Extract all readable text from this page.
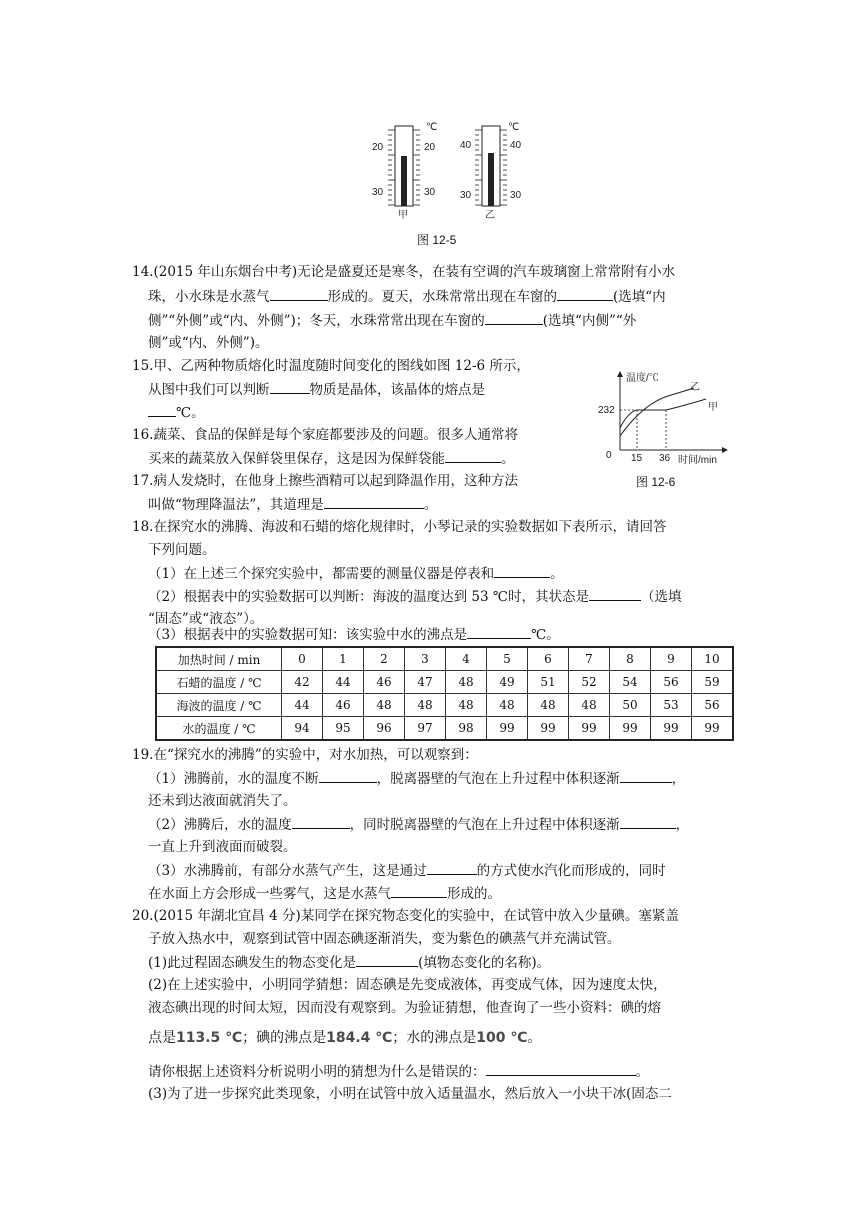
℃
20	20
30	30
甲
℃
40	40
30	30
乙
图 12-5
14.(2015 年山东烟台中考)无论是盛夏还是寒冬，在装有空调的汽车玻璃窗上常常附有小水
珠，小水珠是水蒸气	形成的。夏天，水珠常常出现在车窗的	(选填“内
侧”“外侧”或“内、外侧”)；冬天，水珠常常出现在车窗的	(选填“内侧”“外
侧”或“内、外侧”)。
15.甲、乙两种物质熔化时温度随时间变化的图线如图 12-6 所示，
从图中我们可以判断	物质是晶体，该晶体的熔点是
℃。
16.蔬菜、食品的保鲜是每个家庭都要涉及的问题。很多人通常将
买来的蔬菜放入保鲜袋里保存，这是因为保鲜袋能	。
17.病人发烧时，在他身上擦些酒精可以起到降温作用，这种方法
叫做“物理降温法”，其道理是	。
温度/℃
时间/min
0
232
15 36
乙
甲
图 12-6
18.在探究水的沸腾、海波和石蜡的熔化规律时，小琴记录的实验数据如下表所示，请回答
下列问题。
（1）在上述三个探究实验中，都需要的测量仪器是停表和	。
（2）根据表中的实验数据可以判断：海波的温度达到 53 ℃时，其状态是	（选填
“固态”或“液态”）。
（3）根据表中的实验数据可知：该实验中水的沸点是	℃。
加热时间 / min	0	1	2	3	4	5	6	7	8	9	10
石蜡的温度 / ℃	42	44	46	47	48	49	51	52	54	56	59
海波的温度 / ℃	44	46	48	48	48	48	48	48	50	53	56
水的温度 / ℃	94	95	96	97	98	99	99	99	99	99	99
19.在“探究水的沸腾”的实验中，对水加热，可以观察到：
（1）沸腾前，水的温度不断	，脱离器壁的气泡在上升过程中体积逐渐	，
还未到达液面就消失了。
（2）沸腾后，水的温度	，同时脱离器壁的气泡在上升过程中体积逐渐	，
一直上升到液面而破裂。
（3）水沸腾前，有部分水蒸气产生，这是通过	的方式使水汽化而形成的，同时
在水面上方会形成一些雾气，这是水蒸气	形成的。
20.(2015 年湖北宜昌 4 分)某同学在探究物态变化的实验中，在试管中放入少量碘。塞紧盖
子放入热水中，观察到试管中固态碘逐渐消失，变为紫色的碘蒸气并充满试管。
(1)此过程固态碘发生的物态变化是	(填物态变化的名称)。
(2)在上述实验中，小明同学猜想：固态碘是先变成液体，再变成气体，因为速度太快，
液态碘出现的时间太短，因而没有观察到。为验证猜想，他查询了一些小资料：碘的熔
点是113.5 ℃；碘的沸点是184.4 ℃；水的沸点是100 ℃。
请你根据上述资料分析说明小明的猜想为什么是错误的：	。
(3)为了进一步探究此类现象，小明在试管中放入适量温水，然后放入一小块干冰(固态二
